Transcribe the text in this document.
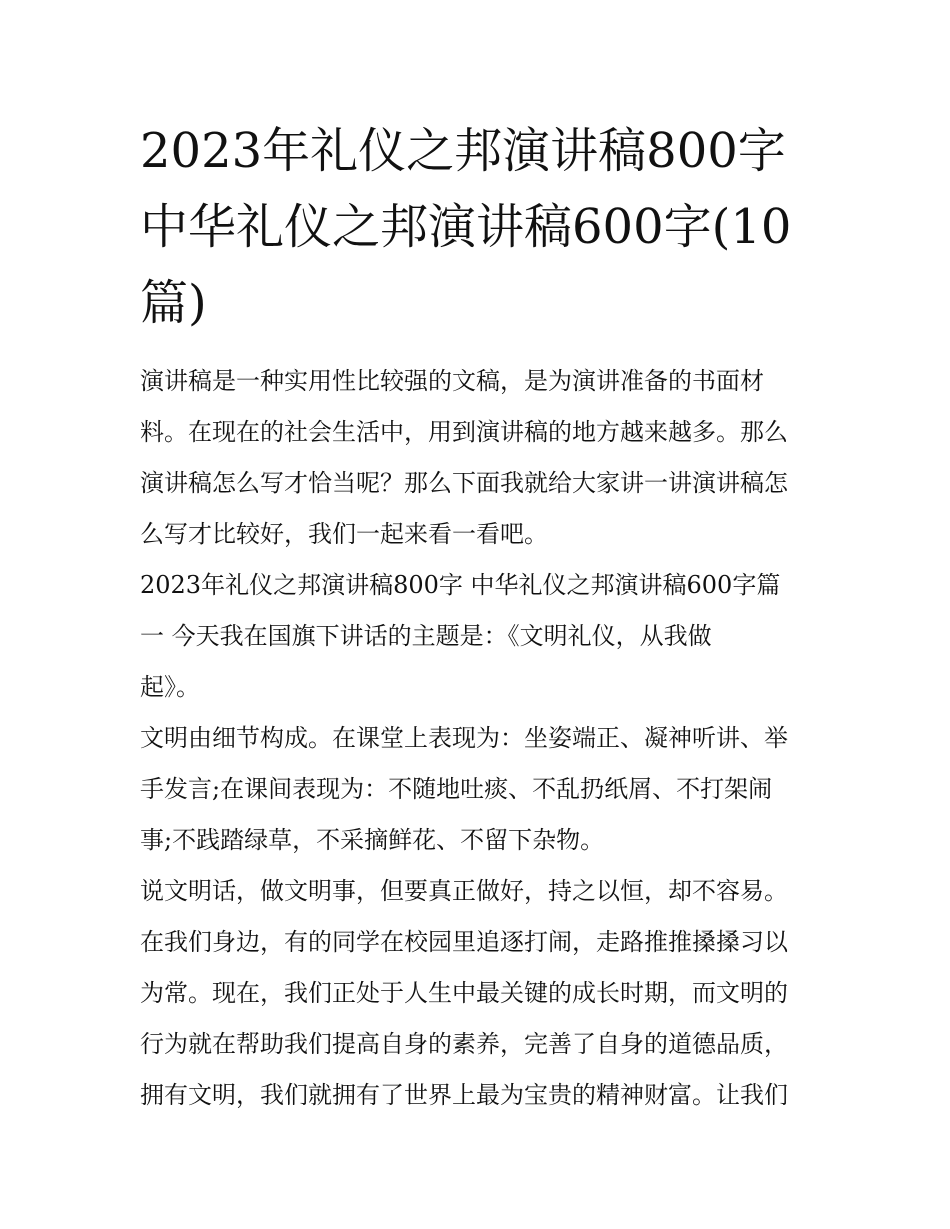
2023年礼仪之邦演讲稿800字
中华礼仪之邦演讲稿600字(10
篇)
演讲稿是一种实用性比较强的文稿，是为演讲准备的书面材
料。在现在的社会生活中，用到演讲稿的地方越来越多。那么
演讲稿怎么写才恰当呢？那么下面我就给大家讲一讲演讲稿怎
么写才比较好，我们一起来看一看吧。
2023年礼仪之邦演讲稿800字 中华礼仪之邦演讲稿600字篇
一 今天我在国旗下讲话的主题是：《文明礼仪，从我做
起》。
文明由细节构成。在课堂上表现为：坐姿端正、凝神听讲、举
手发言;在课间表现为：不随地吐痰、不乱扔纸屑、不打架闹
事;不践踏绿草，不采摘鲜花、不留下杂物。
说文明话，做文明事，但要真正做好，持之以恒，却不容易。
在我们身边，有的同学在校园里追逐打闹，走路推推搡搡习以
为常。现在，我们正处于人生中最关键的成长时期，而文明的
行为就在帮助我们提高自身的素养，完善了自身的道德品质，
拥有文明，我们就拥有了世界上最为宝贵的精神财富。让我们
